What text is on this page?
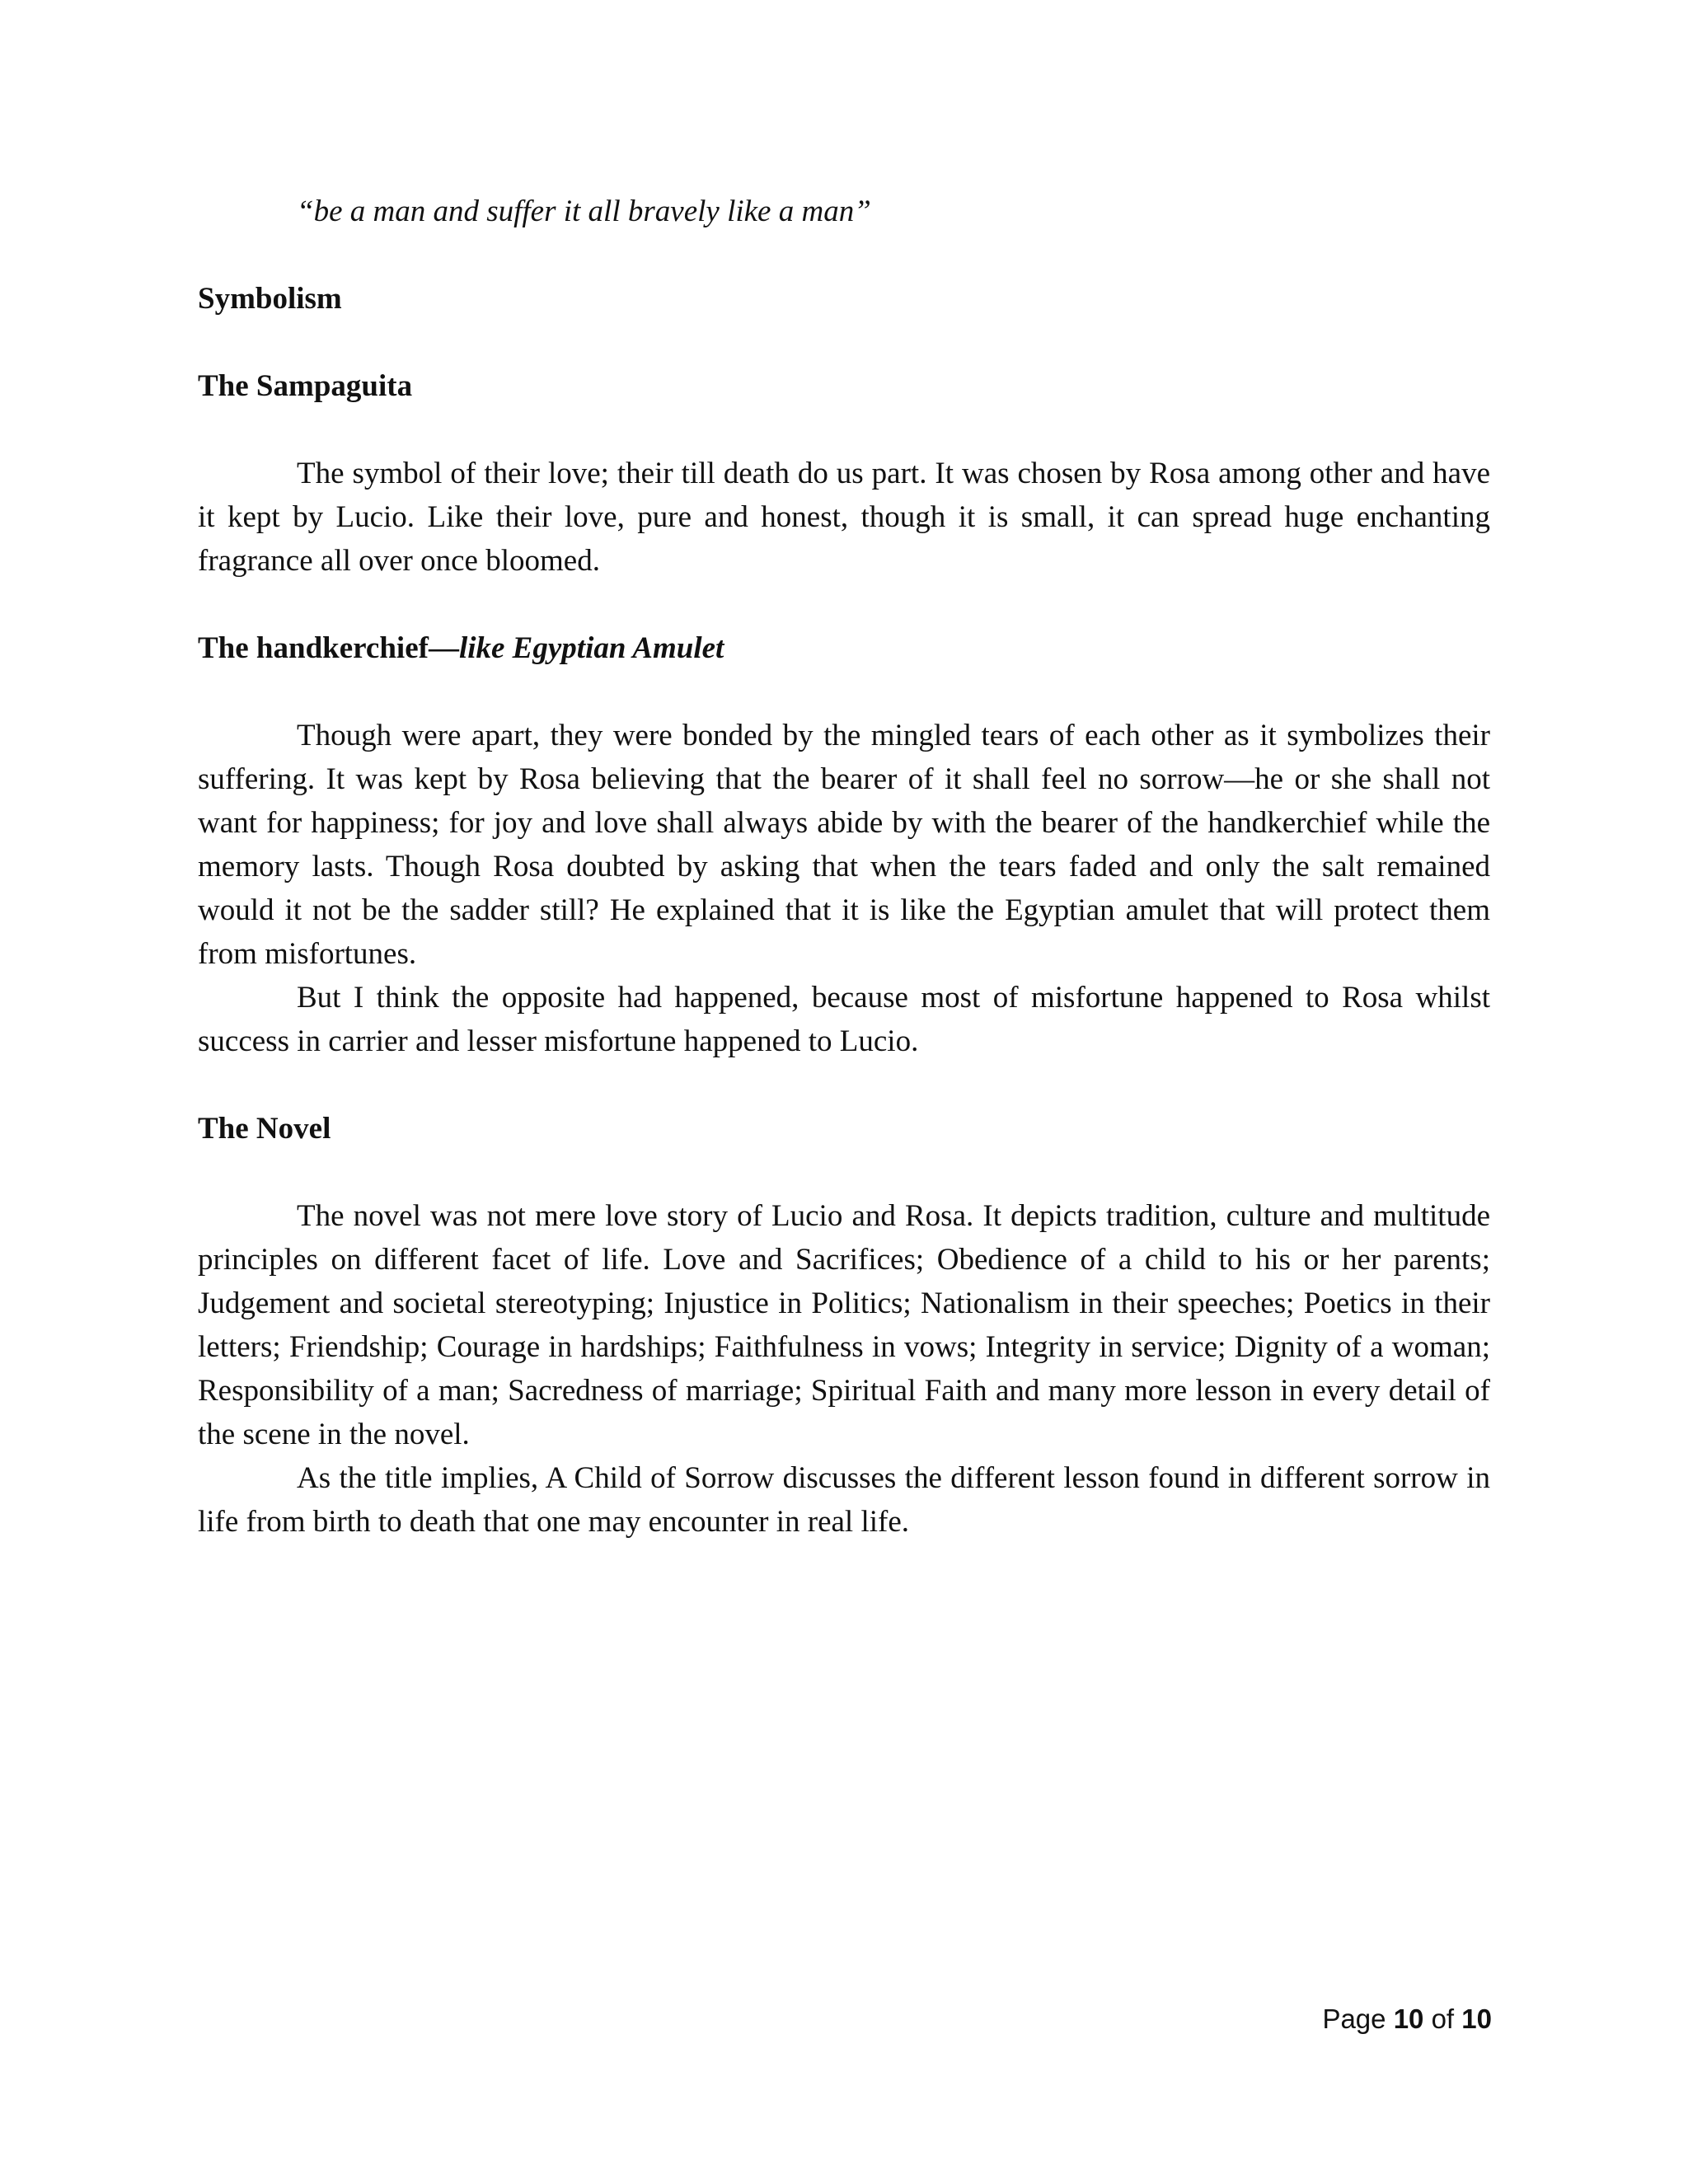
“be a man and suffer it all bravely like a man”

Symbolism

The Sampaguita

The symbol of their love; their till death do us part. It was chosen by Rosa among other and have it kept by Lucio. Like their love, pure and honest, though it is small, it can spread huge enchanting fragrance all over once bloomed.

The handkerchief—like Egyptian Amulet

Though were apart, they were bonded by the mingled tears of each other as it symbolizes their suffering. It was kept by Rosa believing that the bearer of it shall feel no sorrow—he or she shall not want for happiness; for joy and love shall always abide by with the bearer of the handkerchief while the memory lasts. Though Rosa doubted by asking that when the tears faded and only the salt remained would it not be the sadder still? He explained that it is like the Egyptian amulet that will protect them from misfortunes.

But I think the opposite had happened, because most of misfortune happened to Rosa whilst success in carrier and lesser misfortune happened to Lucio.

The Novel

The novel was not mere love story of Lucio and Rosa. It depicts tradition, culture and multitude principles on different facet of life. Love and Sacrifices; Obedience of a child to his or her parents; Judgement and societal stereotyping; Injustice in Politics; Nationalism in their speeches; Poetics in their letters; Friendship; Courage in hardships; Faithfulness in vows; Integrity in service; Dignity of a woman; Responsibility of a man; Sacredness of marriage; Spiritual Faith and many more lesson in every detail of the scene in the novel.

As the title implies, A Child of Sorrow discusses the different lesson found in different sorrow in life from birth to death that one may encounter in real life.

Page 10 of 10
